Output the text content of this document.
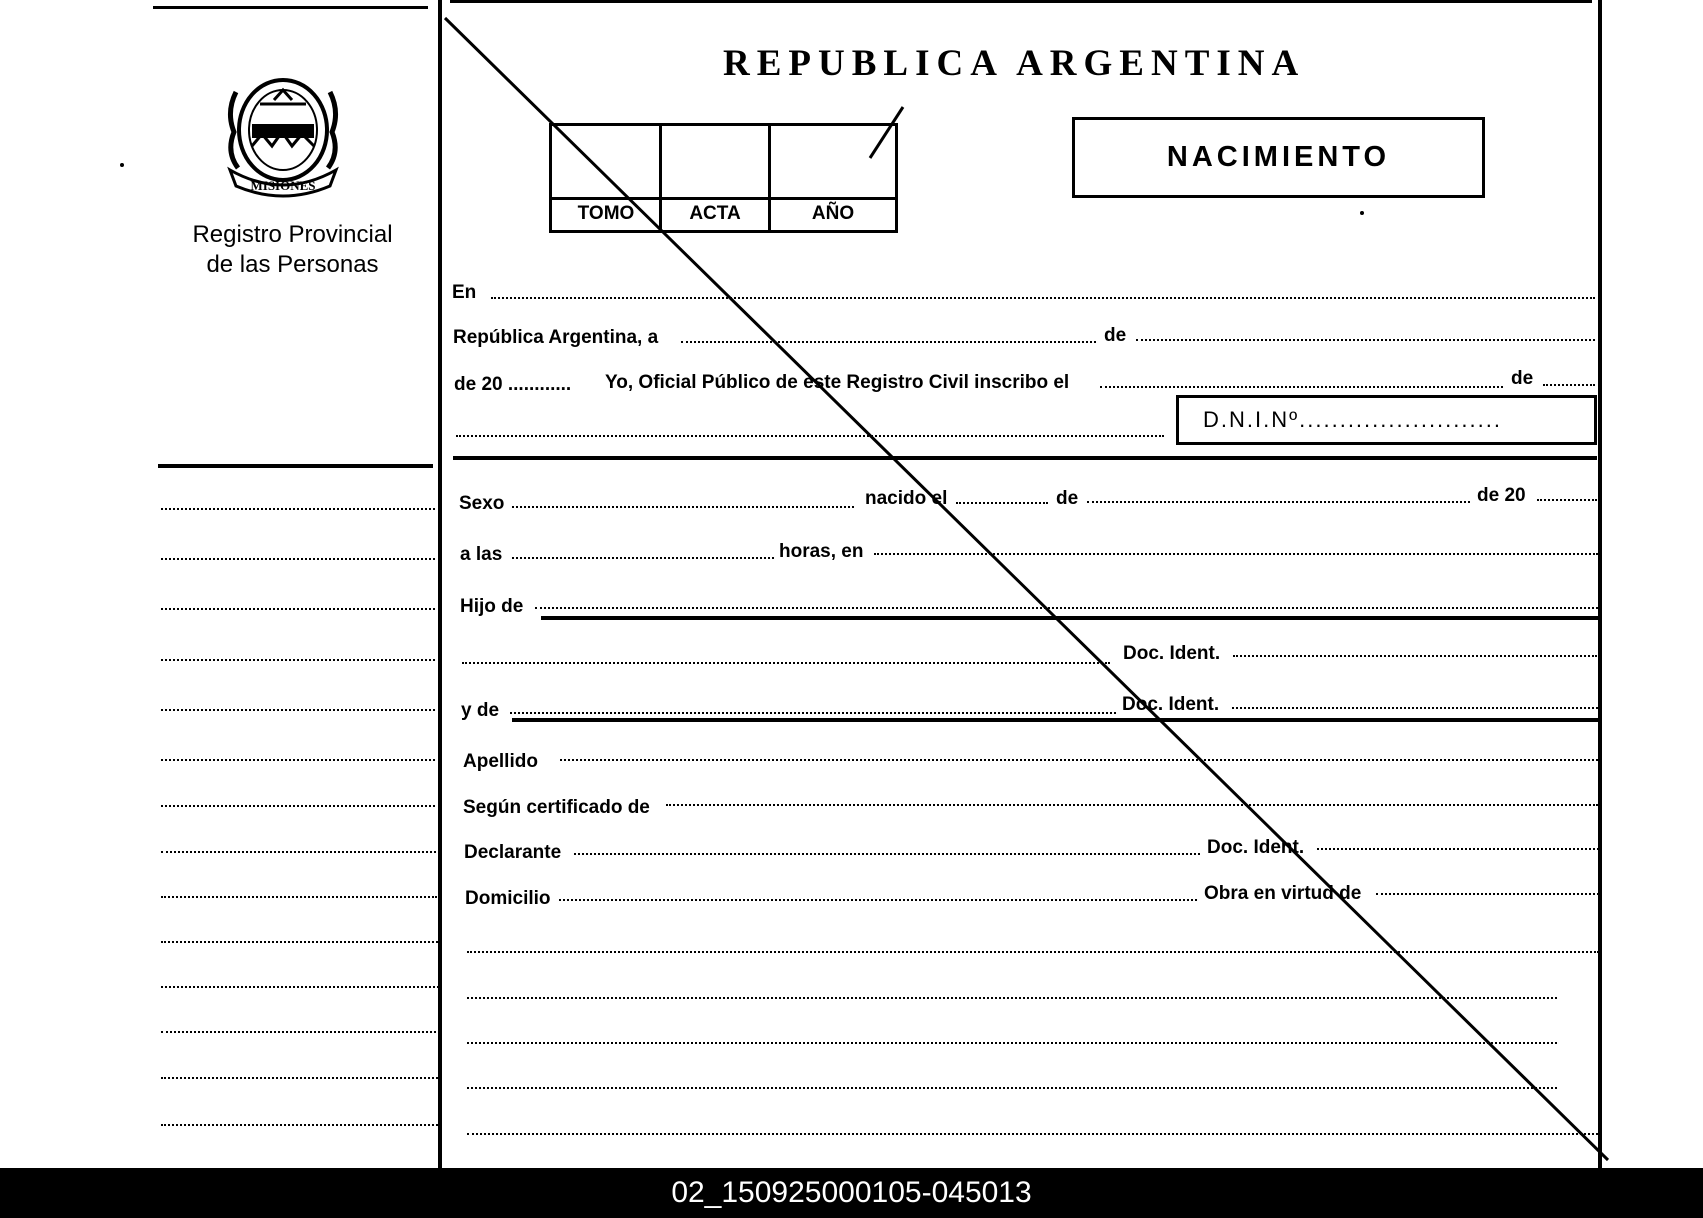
MISIONES
Registro Provincial
de las Personas
REPUBLICA ARGENTINA
TOMO	ACTA	AÑO
NACIMIENTO
En
República Argentina, a	de
de 20 ............ Yo, Oficial Público de este Registro Civil inscribo el	de
D.N.I.Nº.........................
Sexo	nacido el	de	de 20
a las	horas, en
Hijo de
Doc. Ident.
y de	Doc. Ident.
Apellido
Según certificado de
Declarante	Doc. Ident.
Domicilio	Obra en virtud de
02_150925000105-045013
